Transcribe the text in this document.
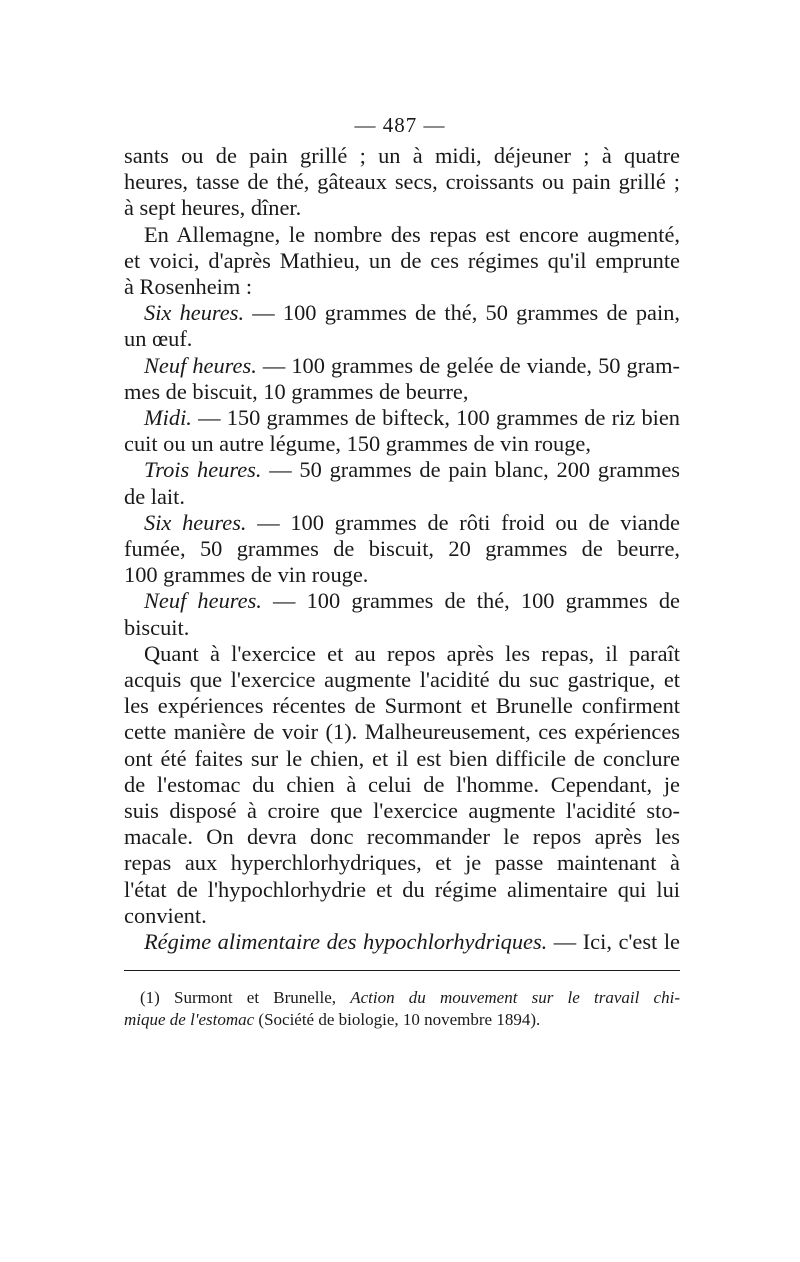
— 487 —

sants ou de pain grillé ; un à midi, déjeuner ; à quatre

heures, tasse de thé, gâteaux secs, croissants ou pain grillé ;

à sept heures, dîner.

En Allemagne, le nombre des repas est encore augmenté,

et voici, d'après Mathieu, un de ces régimes qu'il emprunte

à Rosenheim :

Six heures. — 100 grammes de thé, 50 grammes de pain,

un œuf.

Neuf heures. — 100 grammes de gelée de viande, 50 gram-

mes de biscuit, 10 grammes de beurre,

Midi. — 150 grammes de bifteck, 100 grammes de riz bien

cuit ou un autre légume, 150 grammes de vin rouge,

Trois heures. — 50 grammes de pain blanc, 200 grammes

de lait.

Six heures. — 100 grammes de rôti froid ou de viande

fumée, 50 grammes de biscuit, 20 grammes de beurre,

100 grammes de vin rouge.

Neuf heures. — 100 grammes de thé, 100 grammes de

biscuit.

Quant à l'exercice et au repos après les repas, il paraît

acquis que l'exercice augmente l'acidité du suc gastrique, et

les expériences récentes de Surmont et Brunelle confirment

cette manière de voir (1). Malheureusement, ces expériences

ont été faites sur le chien, et il est bien difficile de conclure

de l'estomac du chien à celui de l'homme. Cependant, je

suis disposé à croire que l'exercice augmente l'acidité sto-

macale. On devra donc recommander le repos après les

repas aux hyperchlorhydriques, et je passe maintenant à

l'état de l'hypochlorhydrie et du régime alimentaire qui lui

convient.

Régime alimentaire des hypochlorhydriques. — Ici, c'est le

(1) Surmont et Brunelle, Action du mouvement sur le travail chi-

mique de l'estomac (Société de biologie, 10 novembre 1894).
